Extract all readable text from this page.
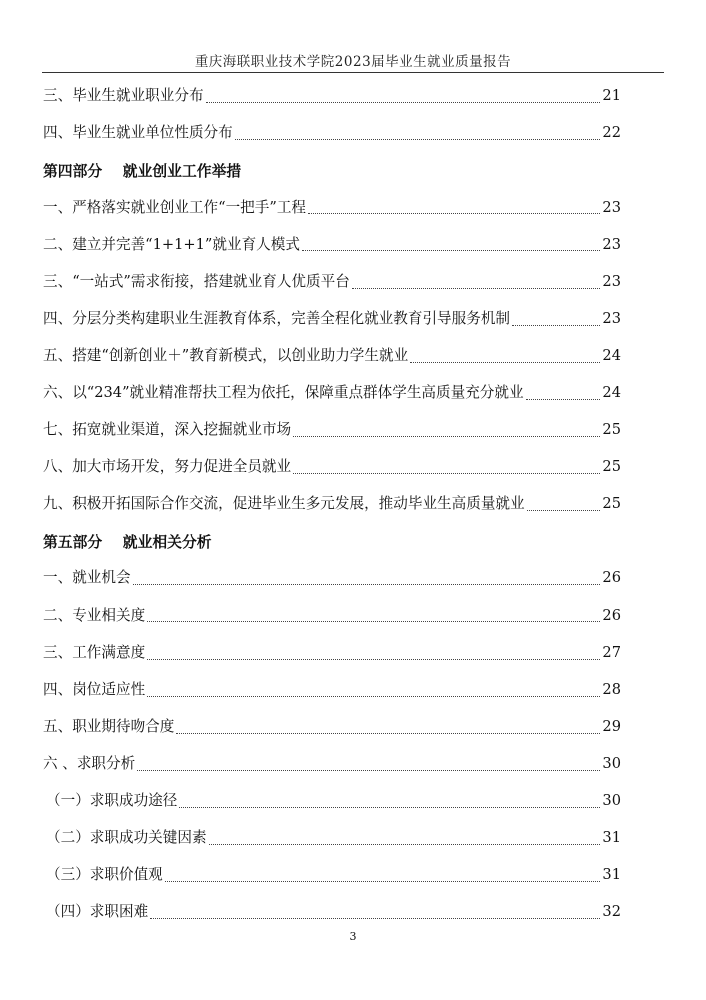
重庆海联职业技术学院2023届毕业生就业质量报告
三、毕业生就业职业分布	21
四、毕业生就业单位性质分布	22
第四部分    就业创业工作举措
一、严格落实就业创业工作“一把手”工程	23
二、建立并完善“1+1+1”就业育人模式	23
三、“一站式”需求衔接，搭建就业育人优质平台	23
四、分层分类构建职业生涯教育体系，完善全程化就业教育引导服务机制	23
五、搭建“创新创业＋”教育新模式，以创业助力学生就业	24
六、以“234”就业精准帮扶工程为依托，保障重点群体学生高质量充分就业	24
七、拓宽就业渠道，深入挖掘就业市场	25
八、加大市场开发，努力促进全员就业	25
九、积极开拓国际合作交流，促进毕业生多元发展，推动毕业生高质量就业	25
第五部分    就业相关分析
一、就业机会	26
二、专业相关度	26
三、工作满意度	27
四、岗位适应性	28
五、职业期待吻合度	29
六 、求职分析	30
（一）求职成功途径	30
（二）求职成功关键因素	31
（三）求职价值观	31
（四）求职困难	32
3
